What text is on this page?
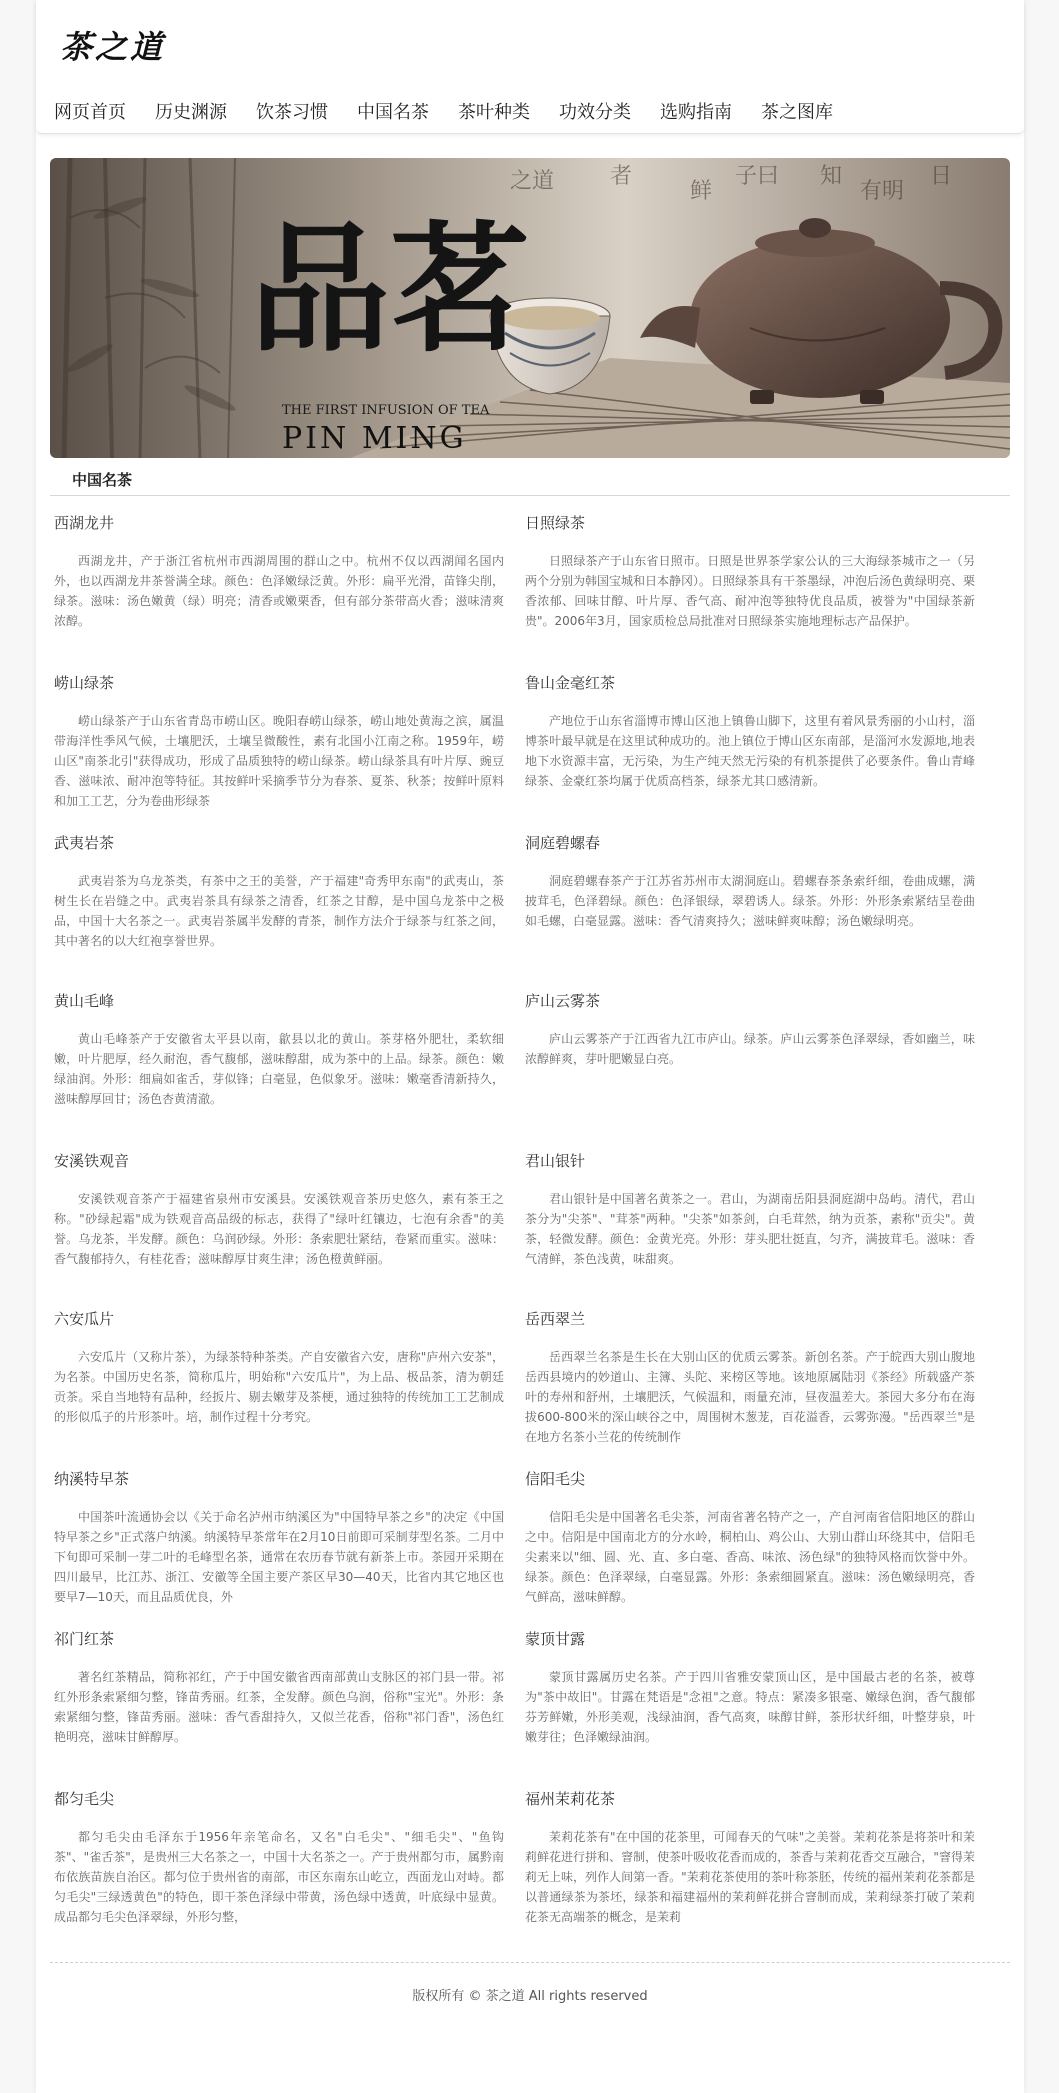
茶之道
网页首页 历史渊源 饮茶习惯 中国名茶 茶叶种类 功效分类 选购指南 茶之图库
之道	者
鲜
子曰 知
有明
日
品茗
THE FIRST INFUSION OF TEA
PIN MING
中国名茶
西湖龙井

西湖龙井，产于浙江省杭州市西湖周围的群山之中。杭州不仅以西湖闻名国内外，也以西湖龙井茶誉满全球。颜色：色泽嫩绿泛黄。外形：扁平光滑，苗锋尖削，绿茶。滋味：汤色嫩黄（绿）明亮；清香或嫩栗香，但有部分茶带高火香；滋味清爽浓醇。

日照绿茶

日照绿茶产于山东省日照市。日照是世界茶学家公认的三大海绿茶城市之一（另两个分别为韩国宝城和日本静冈）。日照绿茶具有干茶墨绿，冲泡后汤色黄绿明亮、栗香浓郁、回味甘醇、叶片厚、香气高、耐冲泡等独特优良品质，被誉为"中国绿茶新贵"。2006年3月，国家质检总局批准对日照绿茶实施地理标志产品保护。

崂山绿茶

崂山绿茶产于山东省青岛市崂山区。晚阳春崂山绿茶，崂山地处黄海之滨，属温带海洋性季风气候，土壤肥沃，土壤呈微酸性，素有北国小江南之称。1959年，崂山区"南茶北引"获得成功，形成了品质独特的崂山绿茶。崂山绿茶具有叶片厚、豌豆香、滋味浓、耐冲泡等特征。其按鲜叶采摘季节分为春茶、夏茶、秋茶；按鲜叶原料和加工工艺，分为卷曲形绿茶

鲁山金毫红茶

产地位于山东省淄博市博山区池上镇鲁山脚下，这里有着风景秀丽的小山村，淄博茶叶最早就是在这里试种成功的。池上镇位于博山区东南部，是淄河水发源地,地表地下水资源丰富，无污染，为生产纯天然无污染的有机茶提供了必要条件。鲁山青峰绿茶、金豪红茶均属于优质高档茶，绿茶尤其口感清新。

武夷岩茶

武夷岩茶为乌龙茶类，有茶中之王的美誉，产于福建"奇秀甲东南"的武夷山，茶树生长在岩缝之中。武夷岩茶具有绿茶之清香，红茶之甘醇，是中国乌龙茶中之极品，中国十大名茶之一。武夷岩茶属半发酵的青茶，制作方法介于绿茶与红茶之间，其中著名的以大红袍享誉世界。

洞庭碧螺春

洞庭碧螺春茶产于江苏省苏州市太湖洞庭山。碧螺春茶条索纤细，卷曲成螺，满披茸毛，色泽碧绿。颜色：色泽银绿，翠碧诱人。绿茶。外形：外形条索紧结呈卷曲如毛螺，白毫显露。滋味：香气清爽持久；滋味鲜爽味醇；汤色嫩绿明亮。

黄山毛峰

黄山毛峰茶产于安徽省太平县以南，歙县以北的黄山。茶芽格外肥壮，柔软细嫩，叶片肥厚，经久耐泡，香气馥郁，滋味醇甜，成为茶中的上品。绿茶。颜色：嫩绿油润。外形：细扁如雀舌，芽似锋；白毫显，色似象牙。滋味：嫩毫香清新持久，滋味醇厚回甘；汤色杏黄清澈。

庐山云雾茶

庐山云雾茶产于江西省九江市庐山。绿茶。庐山云雾茶色泽翠绿，香如幽兰，味浓醇鲜爽，芽叶肥嫩显白亮。

安溪铁观音

安溪铁观音茶产于福建省泉州市安溪县。安溪铁观音茶历史悠久，素有茶王之称。"砂绿起霜"成为铁观音高品级的标志，获得了"绿叶红镶边，七泡有余香"的美誉。乌龙茶，半发酵。颜色：乌润砂绿。外形：条索肥壮紧结，卷紧而重实。滋味：香气馥郁持久，有桂花香；滋味醇厚甘爽生津；汤色橙黄鲜丽。

君山银针

君山银针是中国著名黄茶之一。君山，为湖南岳阳县洞庭湖中岛屿。清代，君山茶分为"尖茶"、"茸茶"两种。"尖茶"如茶剑，白毛茸然，纳为贡茶，素称"贡尖"。黄茶，轻微发酵。颜色：金黄光亮。外形：芽头肥壮挺直，匀齐，满披茸毛。滋味：香气清鲜，茶色浅黄，味甜爽。

六安瓜片

六安瓜片（又称片茶），为绿茶特种茶类。产自安徽省六安，唐称"庐州六安茶"，为名茶。中国历史名茶，简称瓜片，明始称"六安瓜片"，为上品、极品茶，清为朝廷贡茶。采自当地特有品种，经扳片、剔去嫩芽及茶梗，通过独特的传统加工工艺制成的形似瓜子的片形茶叶。培，制作过程十分考究。

岳西翠兰

岳西翠兰名茶是生长在大别山区的优质云雾茶。新创名茶。产于皖西大别山腹地岳西县境内的妙道山、主簿、头陀、来榜区等地。该地原属陆羽《茶经》所载盛产茶叶的寿州和舒州，土壤肥沃，气候温和，雨量充沛，昼夜温差大。茶园大多分布在海拔600-800米的深山峡谷之中，周围树木葱茏，百花溢香，云雾弥漫。"岳西翠兰"是在地方名茶小兰花的传统制作

纳溪特早茶

中国茶叶流通协会以《关于命名泸州市纳溪区为"中国特早茶之乡"的决定《中国特早茶之乡"正式落户纳溪。纳溪特早茶常年在2月10日前即可采制芽型名茶。二月中下旬即可采制一芽二叶的毛峰型名茶，通常在农历春节就有新茶上市。茶园开采期在四川最早，比江苏、浙江、安徽等全国主要产茶区早30—40天，比省内其它地区也要早7—10天，而且品质优良，外

信阳毛尖

信阳毛尖是中国著名毛尖茶，河南省著名特产之一，产自河南省信阳地区的群山之中。信阳是中国南北方的分水岭，桐柏山、鸡公山、大别山群山环绕其中，信阳毛尖素来以"细、圆、光、直、多白毫、香高、味浓、汤色绿"的独特风格而饮誉中外。绿茶。颜色：色泽翠绿，白毫显露。外形：条索细圆紧直。滋味：汤色嫩绿明亮，香气鲜高，滋味鲜醇。

祁门红茶

著名红茶精品，简称祁红，产于中国安徽省西南部黄山支脉区的祁门县一带。祁红外形条索紧细匀整，锋苗秀丽。红茶，全发酵。颜色乌润，俗称"宝光"。外形：条索紧细匀整，锋苗秀丽。滋味：香气香甜持久，又似兰花香，俗称"祁门香"，汤色红艳明亮，滋味甘鲜醇厚。

蒙顶甘露

蒙顶甘露属历史名茶。产于四川省雅安蒙顶山区，是中国最古老的名茶，被尊为"茶中故旧"。甘露在梵语是"念祖"之意。特点：紧凑多银毫、嫩绿色润，香气馥郁芬芳鲜嫩，外形美观，浅绿油润，香气高爽，味醇甘鲜，茶形状纤细，叶整芽泉，叶嫩芽往；色泽嫩绿油润。

都匀毛尖

都匀毛尖由毛泽东于1956年亲笔命名，又名"白毛尖"、"细毛尖"、"鱼钩茶"、"雀舌茶"，是贵州三大名茶之一，中国十大名茶之一。产于贵州都匀市，属黔南布依族苗族自治区。都匀位于贵州省的南部，市区东南东山屹立，西面龙山对峙。都匀毛尖"三绿透黄色"的特色，即干茶色泽绿中带黄，汤色绿中透黄，叶底绿中显黄。成品都匀毛尖色泽翠绿，外形匀整，

福州茉莉花茶

茉莉花茶有"在中国的花茶里，可闻春天的气味"之美誉。茉莉花茶是将茶叶和茉莉鲜花进行拼和、窨制，使茶叶吸收花香而成的，茶香与茉莉花香交互融合，"窨得茉莉无上味，列作人间第一香。"茉莉花茶使用的茶叶称茶胚，传统的福州茉莉花茶都是以普通绿茶为茶坯，绿茶和福建福州的茉莉鲜花拼合窨制而成，茉莉绿茶打破了茉莉花茶无高端茶的概念，是茉莉

版权所有 © 茶之道 All rights reserved
